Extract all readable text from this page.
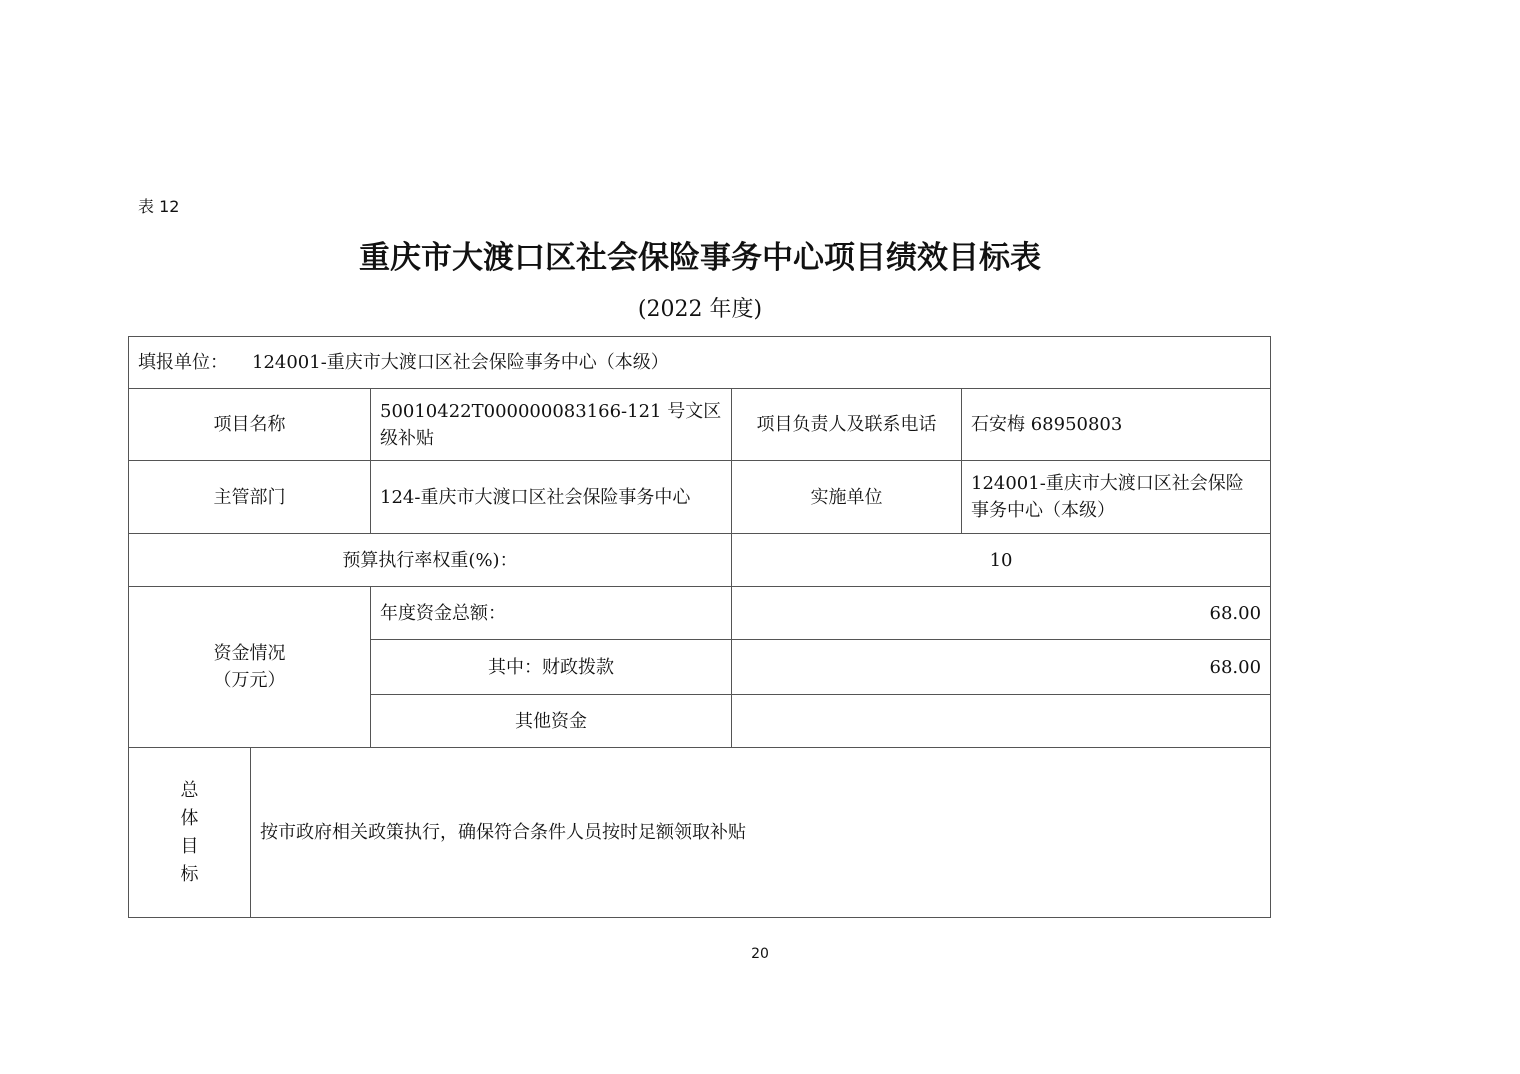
表 12
重庆市大渡口区社会保险事务中心项目绩效目标表
(2022 年度)
填报单位： 124001-重庆市大渡口区社会保险事务中心（本级）				
项目名称		50010422T000000083166-121 号文区级补贴	项目负责人及联系电话	石安梅 68950803
主管部门		124-重庆市大渡口区社会保险事务中心	实施单位	124001-重庆市大渡口区社会保险事务中心（本级）
预算执行率权重(%)：			10	

资金情况
（万元）		年度资金总额：	68.00	
		其中：财政拨款	68.00	
		其他资金		
总体目标	按市政府相关政策执行，确保符合条件人员按时足额领取补贴			
20
